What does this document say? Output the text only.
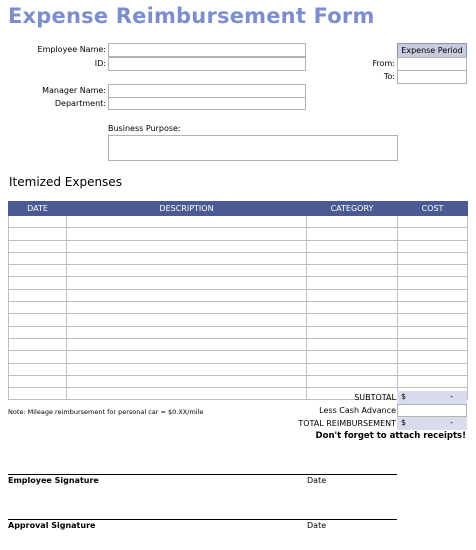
Expense Reimbursement Form
Employee Name:
ID:
Manager Name:
Department:
Business Purpose:
Expense Period
From:
To:
Itemized Expenses
DATE	DESCRIPTION	CATEGORY	COST

SUBTOTAL $	-
Less Cash Advance
TOTAL REIMBURSEMENT $	-
Note: Mileage reimbursement for personal car = $0.XX/mile
Don't forget to attach receipts!
Employee Signature	Date
Approval Signature	Date
